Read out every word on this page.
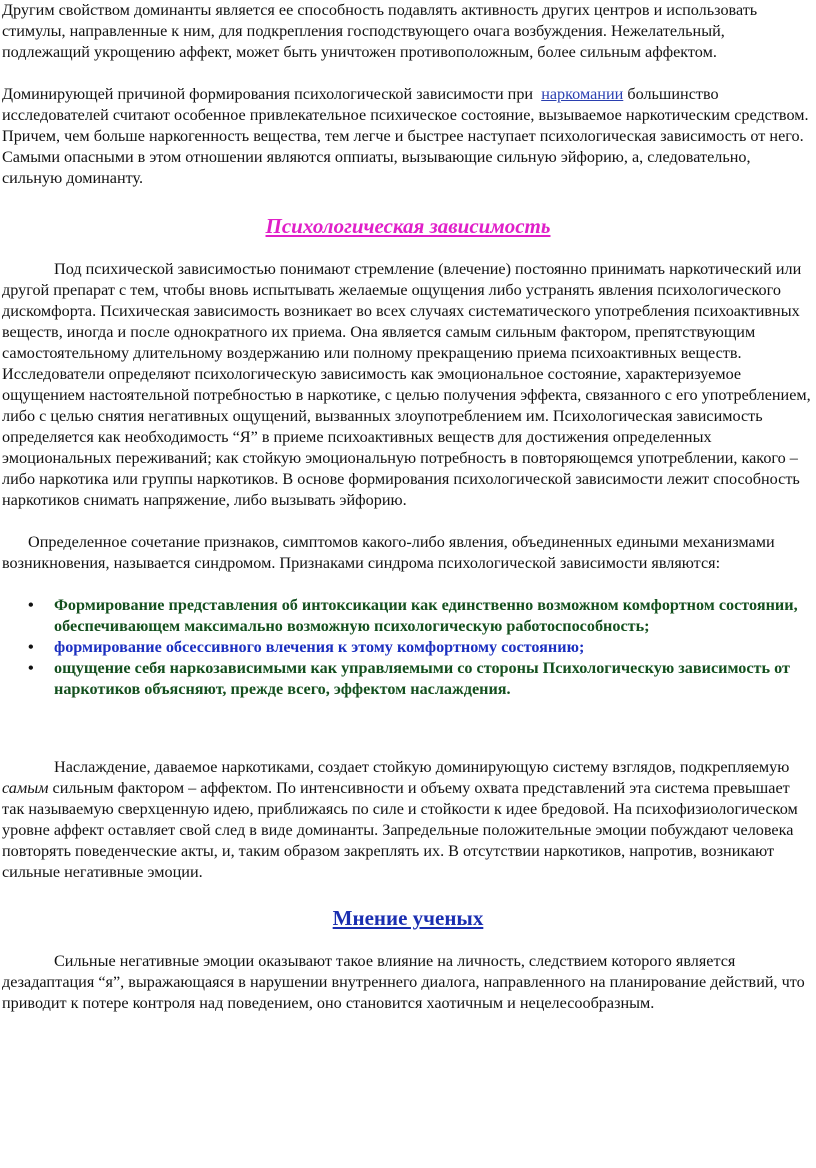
Другим свойством доминанты является ее способность подавлять активность других центров и использовать стимулы, направленные к ним, для подкрепления господствующего очага возбуждения. Нежелательный, подлежащий укрощению аффект, может быть уничтожен противоположным, более сильным аффектом.

Доминирующей причиной формирования психологической зависимости при наркомании большинство исследователей считают особенное привлекательное психическое состояние, вызываемое наркотическим средством. Причем, чем больше наркогенность вещества, тем легче и быстрее наступает психологическая зависимость от него. Самыми опасными в этом отношении являются оппиаты, вызывающие сильную эйфорию, а, следовательно, сильную доминанту.

Психологическая зависимость

Под психической зависимостью понимают стремление (влечение) постоянно принимать наркотический или другой препарат с тем, чтобы вновь испытывать желаемые ощущения либо устранять явления психологического дискомфорта. Психическая зависимость возникает во всех случаях систематического употребления психоактивных веществ, иногда и после однократного их приема. Она является самым сильным фактором, препятствующим самостоятельному длительному воздержанию или полному прекращению приема психоактивных веществ. Исследователи определяют психологическую зависимость как эмоциональное состояние, характеризуемое ощущением настоятельной потребностью в наркотике, с целью получения эффекта, связанного с его употреблением, либо с целью снятия негативных ощущений, вызванных злоупотреблением им. Психологическая зависимость определяется как необходимость “Я” в приеме психоактивных веществ для достижения определенных эмоциональных переживаний; как стойкую эмоциональную потребность в повторяющемся употреблении, какого – либо наркотика или группы наркотиков. В основе формирования психологической зависимости лежит способность наркотиков снимать напряжение, либо вызывать эйфорию.

Определенное сочетание признаков, симптомов какого-либо явления, объединенных едиными механизмами возникновения, называется синдромом. Признаками синдрома психологической зависимости являются:

• Формирование представления об интоксикации как единственно возможном комфортном состоянии, обеспечивающем максимально возможную психологическую работоспособность;
• формирование обсессивного влечения к этому комфортному состоянию;
• ощущение себя наркозависимыми как управляемыми со стороны Психологическую зависимость от наркотиков объясняют, прежде всего, эффектом наслаждения.

Наслаждение, даваемое наркотиками, создает стойкую доминирующую систему взглядов, подкрепляемую самым сильным фактором – аффектом. По интенсивности и объему охвата представлений эта система превышает так называемую сверхценную идею, приближаясь по силе и стойкости к идее бредовой. На психофизиологическом уровне аффект оставляет свой след в виде доминанты. Запредельные положительные эмоции побуждают человека повторять поведенческие акты, и, таким образом закреплять их. В отсутствии наркотиков, напротив, возникают сильные негативные эмоции.

Мнение ученых

Сильные негативные эмоции оказывают такое влияние на личность, следствием которого является дезадаптация “я”, выражающаяся в нарушении внутреннего диалога, направленного на планирование действий, что приводит к потере контроля над поведением, оно становится хаотичным и нецелесообразным.
